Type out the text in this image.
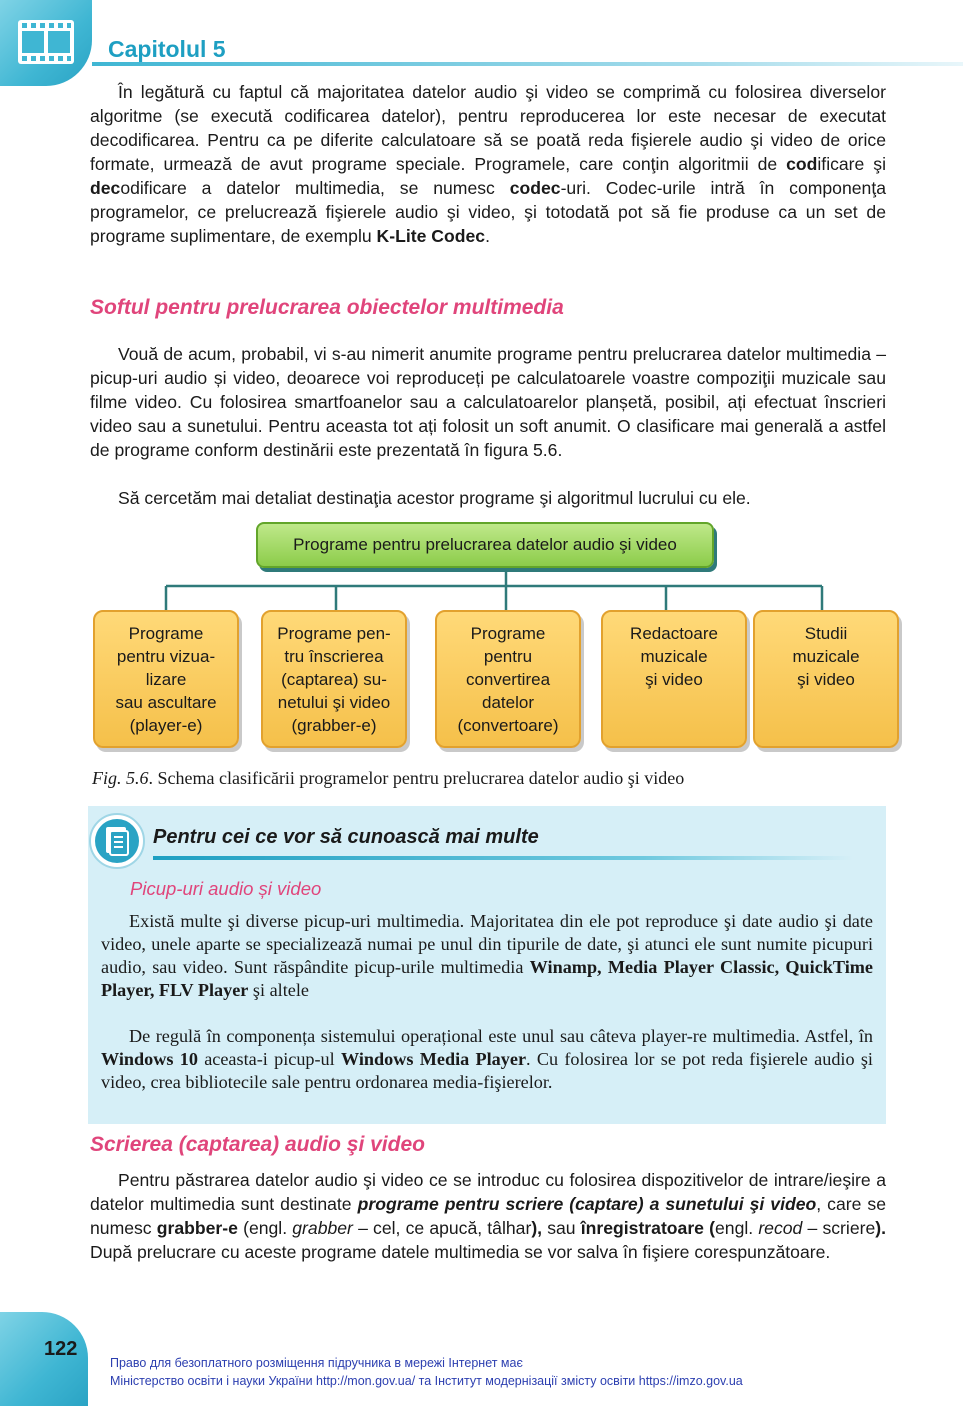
Capitolul 5

În legătură cu faptul că majoritatea datelor audio şi video se comprimă cu folosirea diverselor algoritme (se execută codificarea datelor), pentru reproducerea lor este necesar de executat decodificarea. Pentru ca pe diferite calculatoare să se poată reda fişierele audio şi video de orice formate, urmează de avut programe speciale. Programele, care conţin algoritmii de codificare şi decodificare a datelor multimedia, se numesc codec-uri. Codec-urile intră în componenţa programelor, ce prelucrează fişierele audio şi video, şi totodată pot să fie produse ca un set de programe suplimentare, de exemplu K-Lite Codec.

Softul pentru prelucrarea obiectelor multimedia

Vouă de acum, probabil, vi s-au nimerit anumite programe pentru prelucrarea datelor multimedia – picup-uri audio și video, deoarece voi reproduceți pe calculatoarele voastre compoziţii muzicale sau filme video. Cu folosirea smartfoanelor sau a calculatoarelor planșetă, posibil, ați efectuat înscrieri video sau a sunetului. Pentru aceasta tot ați folosit un soft anumit. O clasificare mai generală a astfel de programe conform destinării este prezentată în figura 5.6.

Să cercetăm mai detaliat destinaţia acestor programe şi algoritmul lucrului cu ele.

Programe pentru prelucrarea datelor audio şi video
Programe
pentru vizua-
lizare
sau ascultare
(player-e)
Programe pen-
tru înscrierea
(captarea) su-
netului şi video
(grabber-e)
Programe
pentru
convertirea
datelor
(convertoare)
Redactoare
muzicale
şi video
Studii
muzicale
şi video
Fig. 5.6. Schema clasificării programelor pentru prelucrarea datelor audio şi video
Pentru cei ce vor să cunoască mai multe
Picup-uri audio și video

Există multe şi diverse picup-uri multimedia. Majoritatea din ele pot reproduce şi date audio şi date video, unele aparte se specializează numai pe unul din tipurile de date, şi atunci ele sunt numite picupuri audio, sau video. Sunt răspândite picup-urile multimedia Winamp, Media Player Classic, QuickTime Player, FLV Player şi altele

De regulă în componența sistemului operațional este unul sau câteva player-re multimedia. Astfel, în Windows 10 aceasta-i picup-ul Windows Media Player. Cu folosirea lor se pot reda fişierele audio şi video, crea bibliotecile sale pentru ordonarea media-fişierelor.

Scrierea (captarea) audio şi video

Pentru păstrarea datelor audio şi video ce se introduc cu folosirea dispozitivelor de intrare/ieşire a datelor multimedia sunt destinate programe pentru scriere (captare) a sunetului şi video, care se numesc grabber-e (engl. grabber – cel, ce apucă, tâlhar), sau înregistratoare (engl. recod – scriere). După prelucrare cu aceste programe datele multimedia se vor salva în fişiere corespunzătoare.

122
Право для безоплатного розміщення підручника в мережі Інтернет має
Міністерство освіти і науки України http://mon.gov.ua/ та Інститут модернізації змісту освіти https://imzo.gov.ua
